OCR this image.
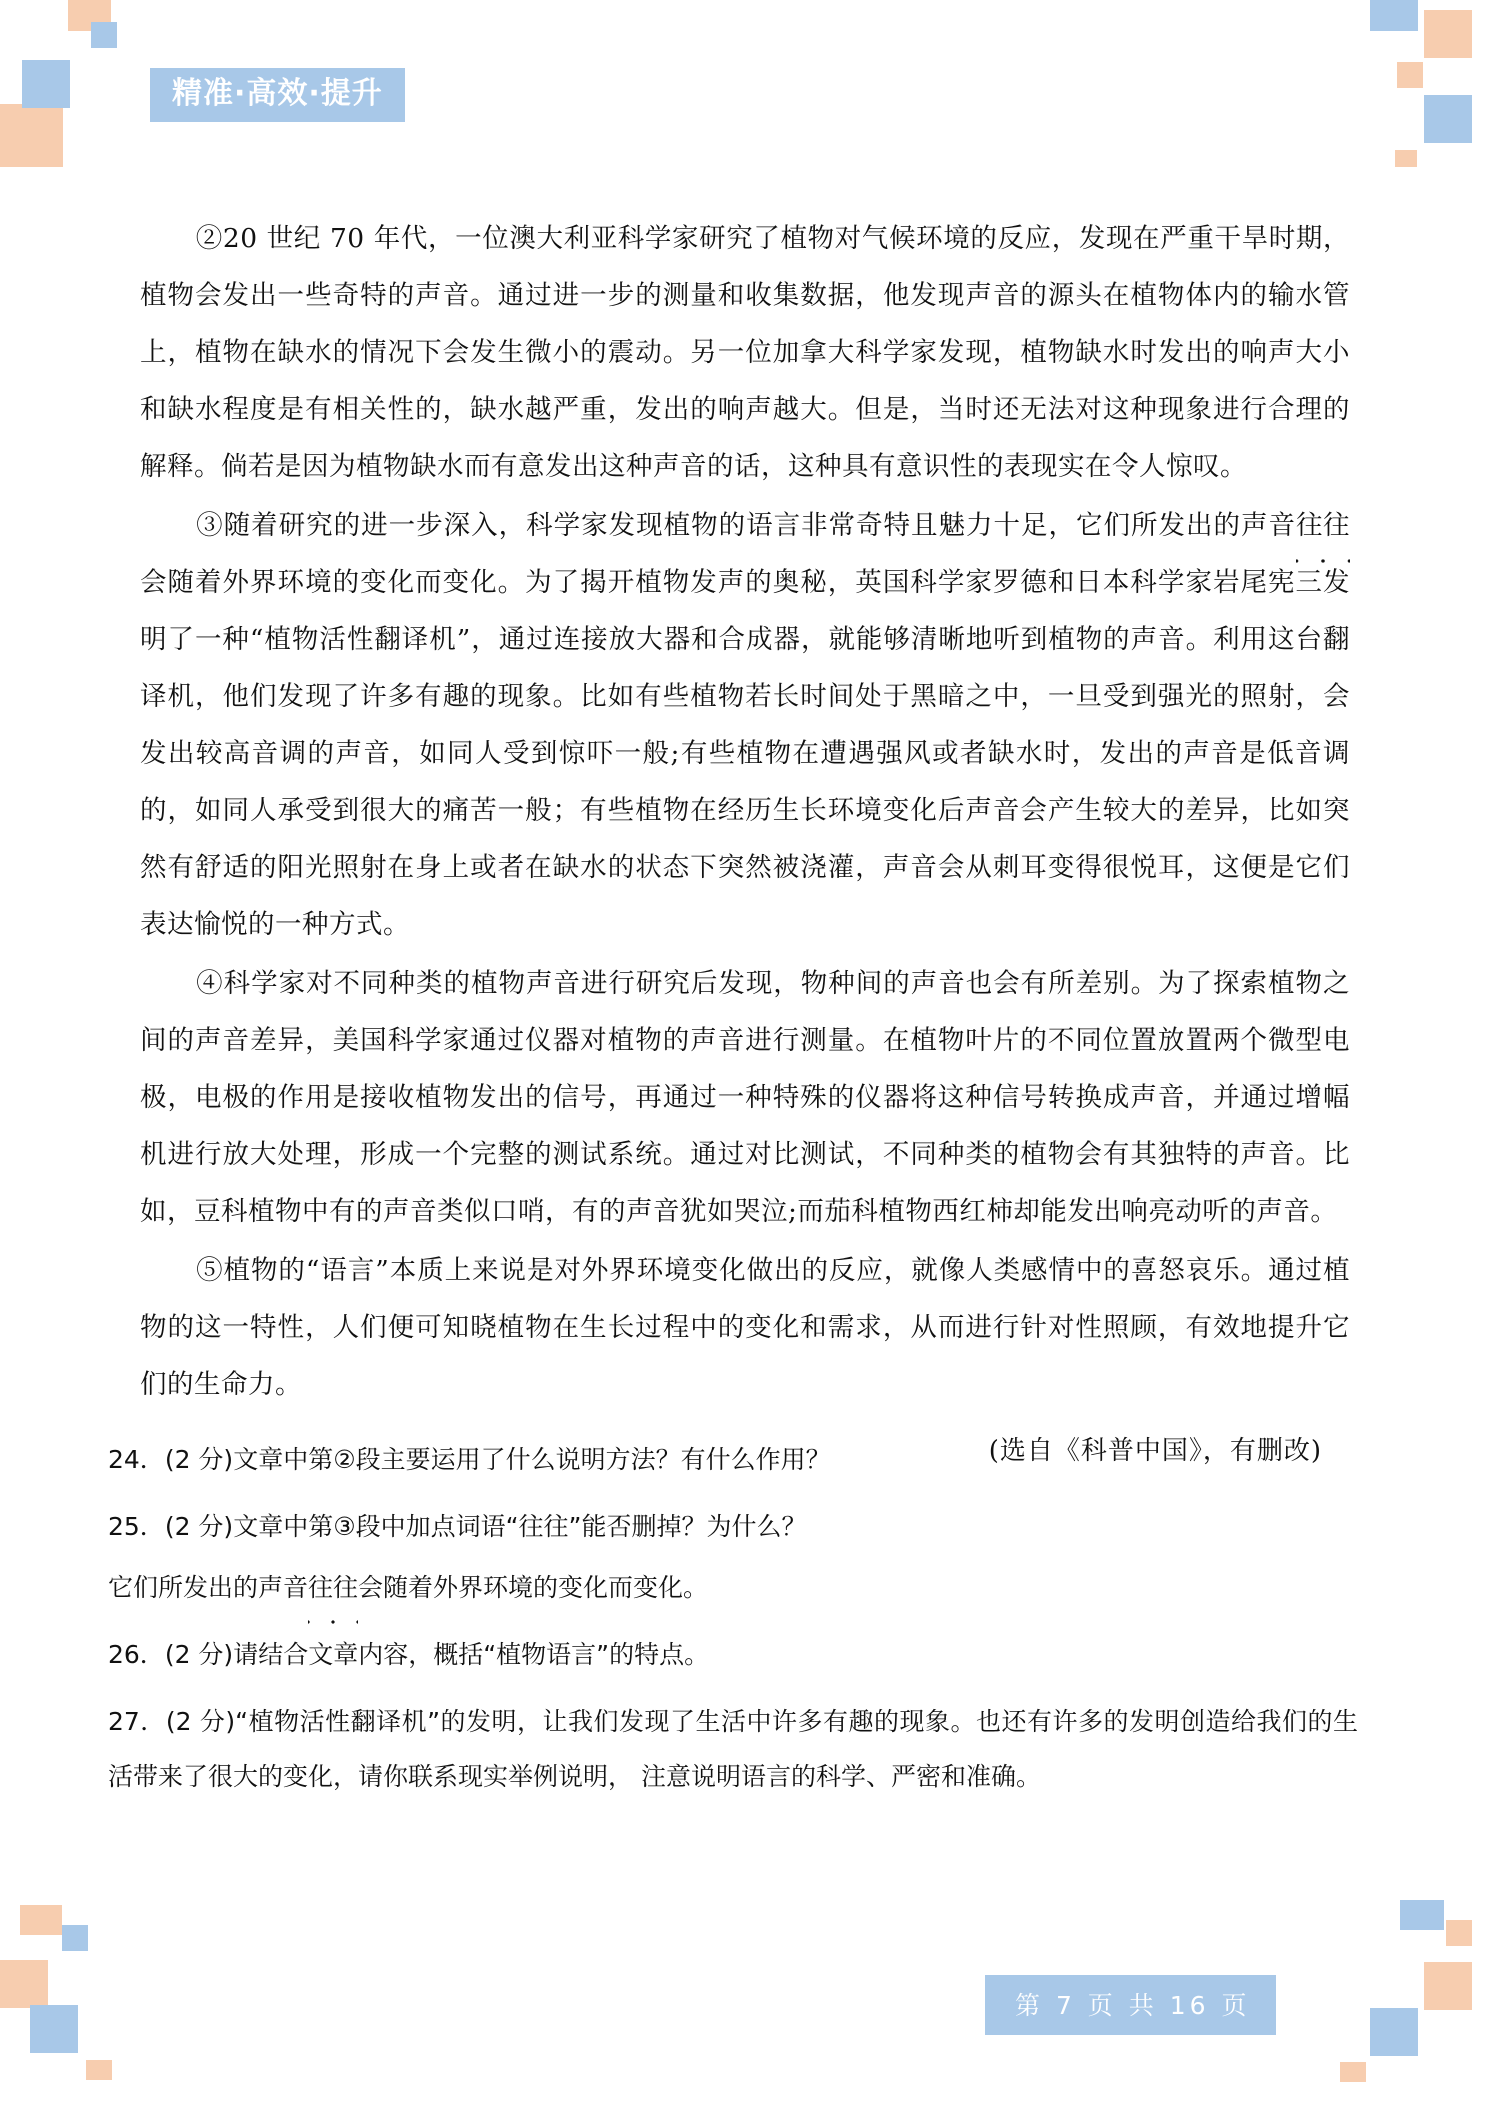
精准·高效·提升

②20 世纪 70 年代，一位澳大利亚科学家研究了植物对气候环境的反应，发现在严重干旱时期，植物会发出一些奇特的声音。通过进一步的测量和收集数据，他发现声音的源头在植物体内的输水管上，植物在缺水的情况下会发生微小的震动。另一位加拿大科学家发现，植物缺水时发出的响声大小和缺水程度是有相关性的，缺水越严重，发出的响声越大。但是，当时还无法对这种现象进行合理的解释。倘若是因为植物缺水而有意发出这种声音的话，这种具有意识性的表现实在令人惊叹。

③随着研究的进一步深入，科学家发现植物的语言非常奇特且魅力十足，它们所发出的声音往往会随着外界环境的变化而变化。为了揭开植物发声的奥秘，英国科学家罗德和日本科学家岩尾宪三发明了一种“植物活性翻译机”，通过连接放大器和合成器，就能够清晰地听到植物的声音。利用这台翻译机，他们发现了许多有趣的现象。比如有些植物若长时间处于黑暗之中，一旦受到强光的照射，会发出较高音调的声音，如同人受到惊吓一般;有些植物在遭遇强风或者缺水时，发出的声音是低音调的，如同人承受到很大的痛苦一般；有些植物在经历生长环境变化后声音会产生较大的差异，比如突然有舒适的阳光照射在身上或者在缺水的状态下突然被浇灌，声音会从刺耳变得很悦耳，这便是它们表达愉悦的一种方式。

④科学家对不同种类的植物声音进行研究后发现，物种间的声音也会有所差别。为了探索植物之间的声音差异，美国科学家通过仪器对植物的声音进行测量。在植物叶片的不同位置放置两个微型电极，电极的作用是接收植物发出的信号，再通过一种特殊的仪器将这种信号转换成声音，并通过增幅机进行放大处理，形成一个完整的测试系统。通过对比测试，不同种类的植物会有其独特的声音。比如，豆科植物中有的声音类似口哨，有的声音犹如哭泣;而茄科植物西红柿却能发出响亮动听的声音。

⑤植物的“语言”本质上来说是对外界环境变化做出的反应，就像人类感情中的喜怒哀乐。通过植物的这一特性，人们便可知晓植物在生长过程中的变化和需求，从而进行针对性照顾，有效地提升它们的生命力。

(选自《科普中国》，有删改)
24．(2 分)文章中第②段主要运用了什么说明方法？有什么作用？
25．(2 分)文章中第③段中加点词语“往往”能否删掉？为什么？
它们所发出的声音往往会随着外界环境的变化而变化。
26．(2 分)请结合文章内容，概括“植物语言”的特点。
27．(2 分)“植物活性翻译机”的发明，让我们发现了生活中许多有趣的现象。也还有许多的发明创造给我们的生活带来了很大的变化，请你联系现实举例说明， 注意说明语言的科学、严密和准确。
第 7 页 共 16 页
